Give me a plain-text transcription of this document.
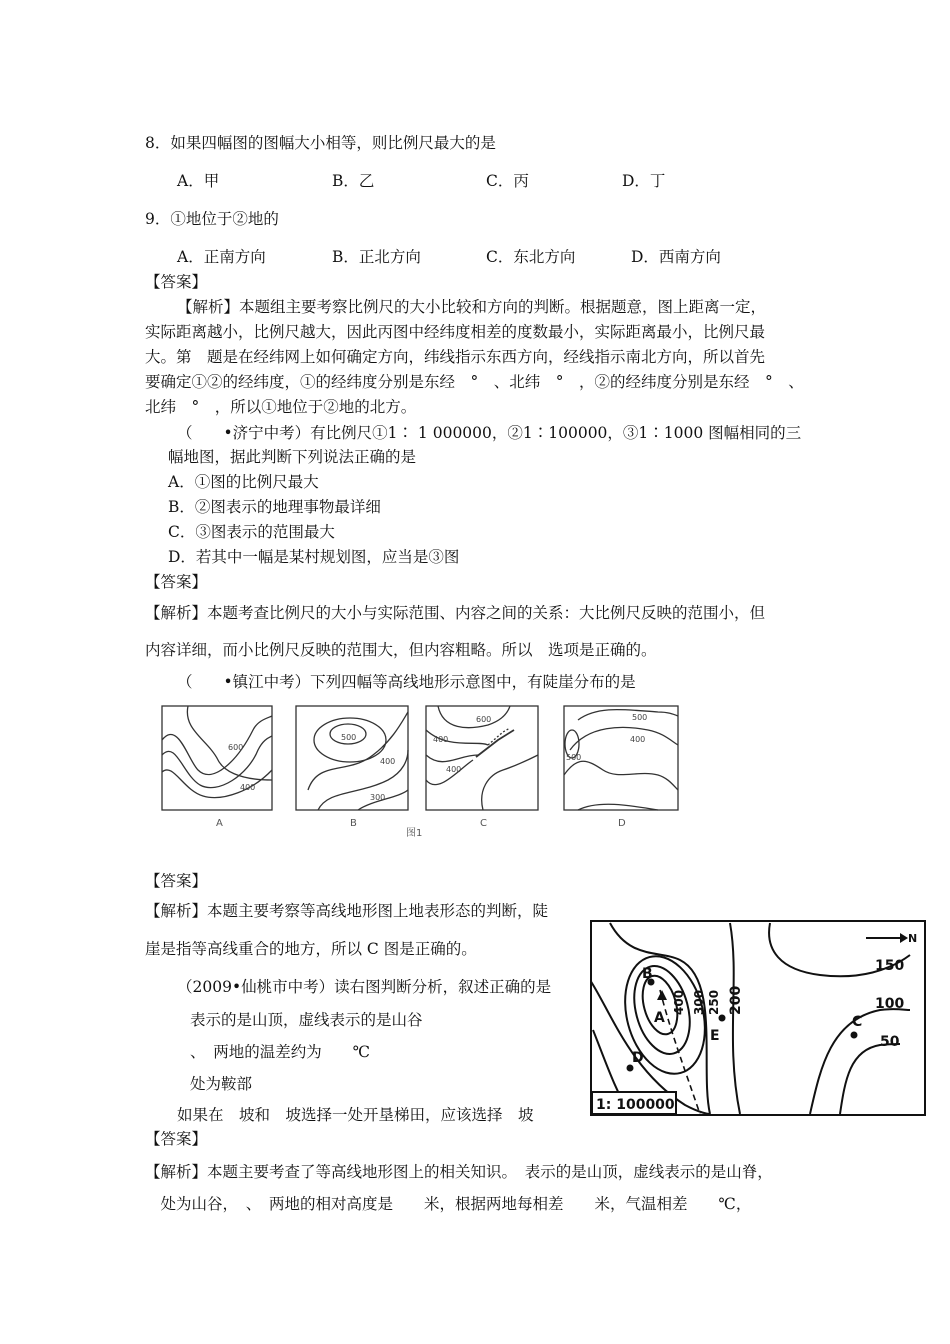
8．如果四幅图的图幅大小相等，则比例尺最大的是
A．甲	B．乙	C．丙	D．丁
9．①地位于②地的
A．正南方向	B．正北方向	C．东北方向	D．西南方向
【答案】
【解析】本题组主要考察比例尺的大小比较和方向的判断。根据题意，图上距离一定，
实际距离越小，比例尺越大，因此丙图中经纬度相差的度数最小，实际距离最小，比例尺最
大。第　题是在经纬网上如何确定方向，纬线指示东西方向，经线指示南北方向，所以首先
要确定①②的经纬度，①的经纬度分别是东经　°　、北纬　°　，②的经纬度分别是东经　°　、
北纬　°　，所以①地位于②地的北方。
（　　•济宁中考）有比例尺①1∶ 1 000000，②1∶100000，③1∶1000 图幅相同的三
幅地图，据此判断下列说法正确的是
A．①图的比例尺最大
B．②图表示的地理事物最详细
C．③图表示的范围最大
D．若其中一幅是某村规划图，应当是③图
【答案】
【解析】本题考查比例尺的大小与实际范围、内容之间的关系：大比例尺反映的范围小，但
内容详细，而小比例尺反映的范围大，但内容粗略。所以　选项是正确的。
（　　•镇江中考）下列四幅等高线地形示意图中，有陡崖分布的是
600
400
500
400
300
600
400
400
500
400
500
A	B	C	D
图1
【答案】
【解析】本题主要考察等高线地形图上地表形态的判断，陡
崖是指等高线重合的地方，所以 C 图是正确的。
（2009•仙桃市中考）读右图判断分析，叙述正确的是
表示的是山顶，虚线表示的是山谷
、　两地的温差约为　　℃
处为鞍部
如果在　坡和　坡选择一处开垦梯田，应该选择　坡
N
A
B
C
D
E
150
100
50
200
250
300
400
1: 100000
【答案】
【解析】本题主要考查了等高线地形图上的相关知识。　表示的是山顶，虚线表示的是山脊，
　处为山谷，　、　两地的相对高度是　　米，根据两地每相差　　米，气温相差　　℃，
